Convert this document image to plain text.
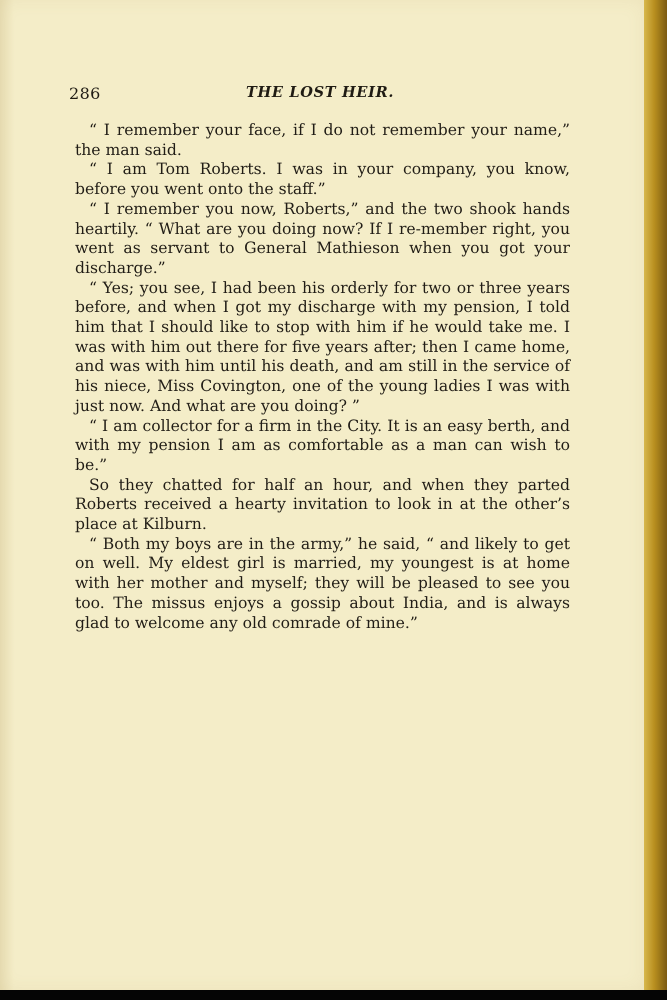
286	THE LOST HEIR.

“ I remember your face, if I do not remember your name,” the man said.

“ I am Tom Roberts. I was in your company, you know, before you went onto the staff.”

“ I remember you now, Roberts,” and the two shook hands heartily. “ What are you doing now? If I re-member right, you went as servant to General Mathieson when you got your discharge.”

“ Yes; you see, I had been his orderly for two or three years before, and when I got my discharge with my pension, I told him that I should like to stop with him if he would take me. I was with him out there for five years after; then I came home, and was with him until his death, and am still in the service of his niece, Miss Covington, one of the young ladies I was with just now. And what are you doing? ”

“ I am collector for a firm in the City. It is an easy berth, and with my pension I am as comfortable as a man can wish to be.”

So they chatted for half an hour, and when they parted Roberts received a hearty invitation to look in at the other’s place at Kilburn.

“ Both my boys are in the army,” he said, “ and likely to get on well. My eldest girl is married, my youngest is at home with her mother and myself; they will be pleased to see you too. The missus enjoys a gossip about India, and is always glad to welcome any old comrade of mine.”
